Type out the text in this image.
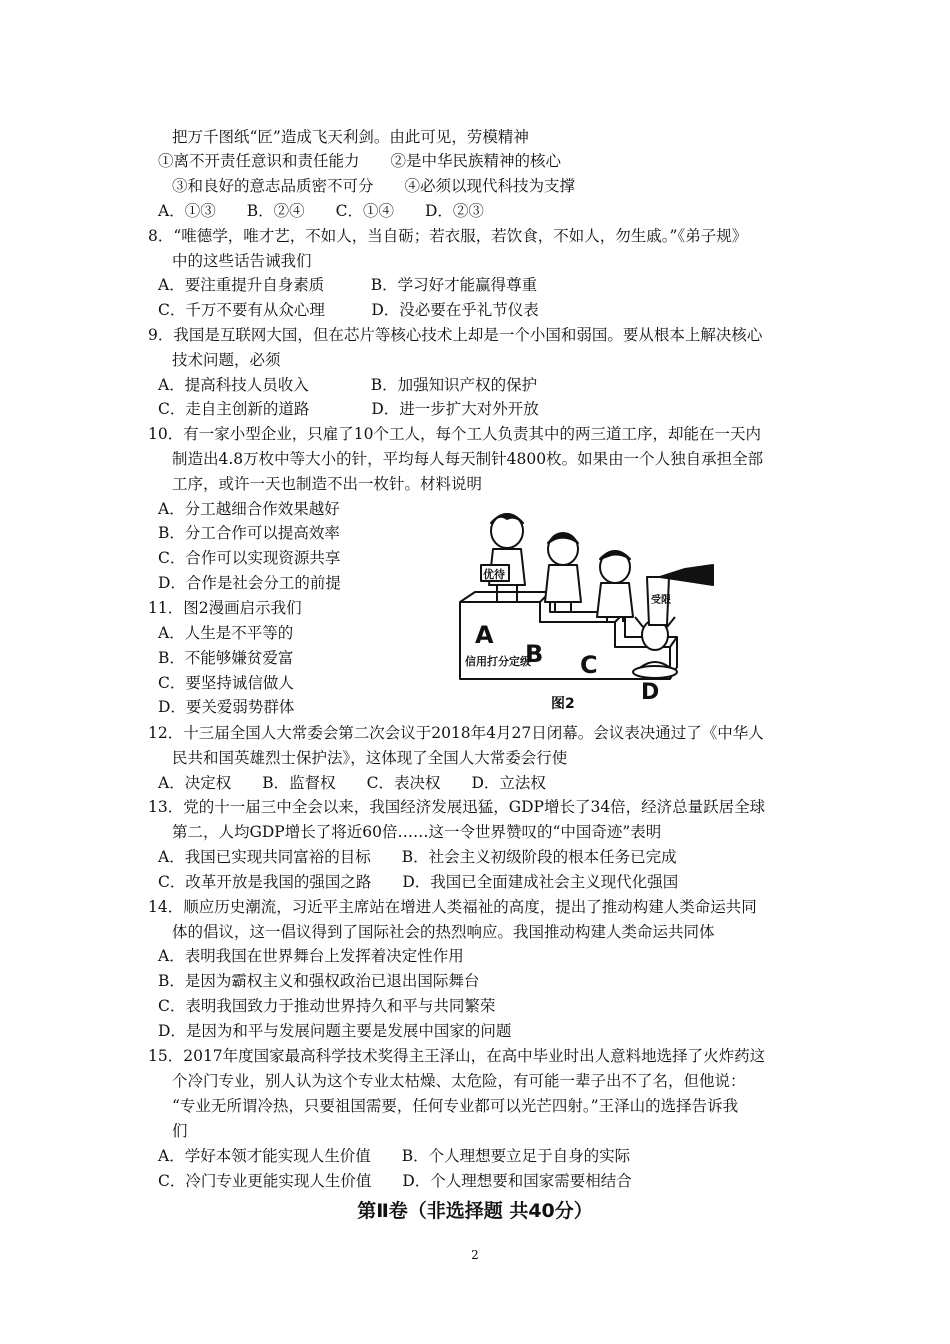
把万千图纸“匠”造成飞天利剑。由此可见，劳模精神
①离不开责任意识和责任能力　　②是中华民族精神的核心
③和良好的意志品质密不可分　　④必须以现代科技为支撑
A．①③　　B．②④　　C．①④　　D．②③
8．“唯德学，唯才艺，不如人，当自砺；若衣服，若饮食，不如人，勿生戚。”《弟子规》
中的这些话告诫我们
A．要注重提升自身素质　　　B．学习好才能赢得尊重
C．千万不要有从众心理　　　D．没必要在乎礼节仪表
9．我国是互联网大国，但在芯片等核心技术上却是一个小国和弱国。要从根本上解决核心
技术问题，必须
A．提高科技人员收入　　　　B．加强知识产权的保护
C．走自主创新的道路　　　　D．进一步扩大对外开放
10．有一家小型企业，只雇了10个工人，每个工人负责其中的两三道工序，却能在一天内
制造出4.8万枚中等大小的针，平均每人每天制针4800枚。如果由一个人独自承担全部
工序，或许一天也制造不出一枚针。材料说明
A．分工越细合作效果越好
B．分工合作可以提高效率
C．合作可以实现资源共享
D．合作是社会分工的前提
11．图2漫画启示我们
A．人生是不平等的
B．不能够嫌贫爱富
C．要坚持诚信做人
D．要关爱弱势群体
12．十三届全国人大常委会第二次会议于2018年4月27日闭幕。会议表决通过了《中华人
民共和国英雄烈士保护法》，这体现了全国人大常委会行使
A．决定权　　B．监督权　　C．表决权　　D．立法权
13．党的十一届三中全会以来，我国经济发展迅猛，GDP增长了34倍，经济总量跃居全球
第二，人均GDP增长了将近60倍……这一令世界赞叹的“中国奇迹”表明
A．我国已实现共同富裕的目标　　B．社会主义初级阶段的根本任务已完成
C．改革开放是我国的强国之路　　D．我国已全面建成社会主义现代化强国
14．顺应历史潮流，习近平主席站在增进人类福祉的高度，提出了推动构建人类命运共同
体的倡议，这一倡议得到了国际社会的热烈响应。我国推动构建人类命运共同体
A．表明我国在世界舞台上发挥着决定性作用
B．是因为霸权主义和强权政治已退出国际舞台
C．表明我国致力于推动世界持久和平与共同繁荣
D．是因为和平与发展问题主要是发展中国家的问题
15．2017年度国家最高科学技术奖得主王泽山，在高中毕业时出人意料地选择了火炸药这
个冷门专业，别人认为这个专业太枯燥、太危险，有可能一辈子出不了名，但他说：
“专业无所谓冷热，只要祖国需要，任何专业都可以光芒四射。”王泽山的选择告诉我
们
A．学好本领才能实现人生价值　　B．个人理想要立足于自身的实际
C．冷门专业更能实现人生价值　　D．个人理想要和国家需要相结合
A
B C
信用打分定级
优待
受限
D
图2
第Ⅱ卷（非选择题 共40分）
2
